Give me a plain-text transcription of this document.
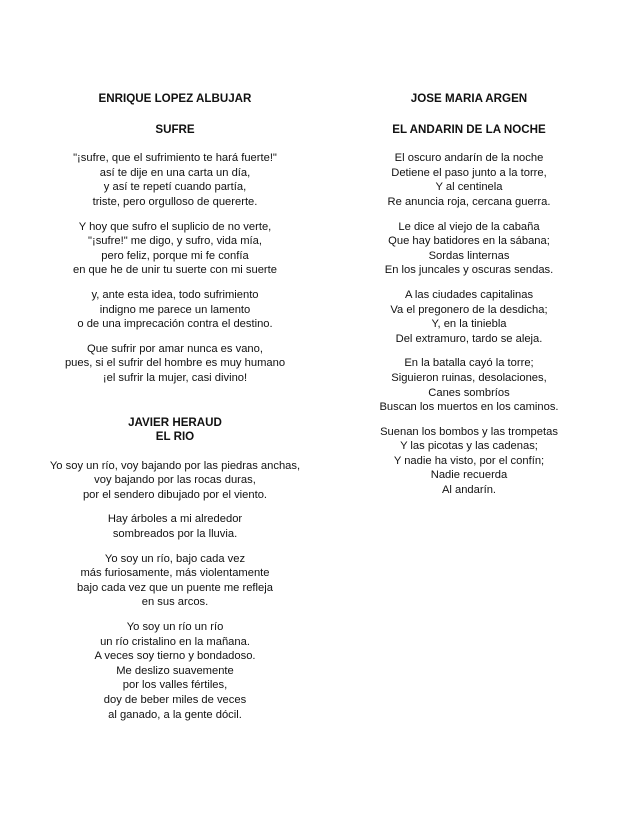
ENRIQUE LOPEZ ALBUJAR
SUFRE
"¡sufre, que el sufrimiento te hará fuerte!"
así te dije en una carta un día,
y así te repetí cuando partía,
triste, pero orgulloso de quererte.
Y hoy que sufro el suplicio de no verte,
"¡sufre!" me digo, y sufro, vida mía,
pero feliz, porque mi fe confía
en que he de unir tu suerte con mi suerte
y, ante esta idea, todo sufrimiento
indigno me parece un lamento
o de una imprecación contra el destino.
Que sufrir por amar nunca es vano,
pues, si el sufrir del hombre es muy humano
¡el sufrir la mujer, casi divino!
JAVIER HERAUD
EL RIO
Yo soy un río, voy bajando por las piedras anchas,
voy bajando por las rocas duras,
por el sendero dibujado por el viento.
Hay árboles a mi alrededor
sombreados por la lluvia.
Yo soy un río, bajo cada vez
más furiosamente, más violentamente
bajo cada vez que un puente me refleja
en sus arcos.
Yo soy un río un río
un río cristalino en la mañana.
A veces soy tierno y bondadoso.
Me deslizo suavemente
por los valles fértiles,
doy de beber miles de veces
al ganado, a la gente dócil.
JOSE MARIA ARGEN
EL ANDARIN DE LA NOCHE
El oscuro andarín de la noche
Detiene el paso junto a la torre,
Y al centinela
Re anuncia roja, cercana guerra.
Le dice al viejo de la cabaña
Que hay batidores en la sábana;
Sordas linternas
En los juncales y oscuras sendas.
A las ciudades capitalinas
Va el pregonero de la desdicha;
Y, en la tiniebla
Del extramuro, tardo se aleja.
En la batalla cayó la torre;
Siguieron ruinas, desolaciones,
Canes sombríos
Buscan los muertos en los caminos.
Suenan los bombos y las trompetas
Y las picotas y las cadenas;
Y nadie ha visto, por el confín;
Nadie recuerda
Al andarín.
